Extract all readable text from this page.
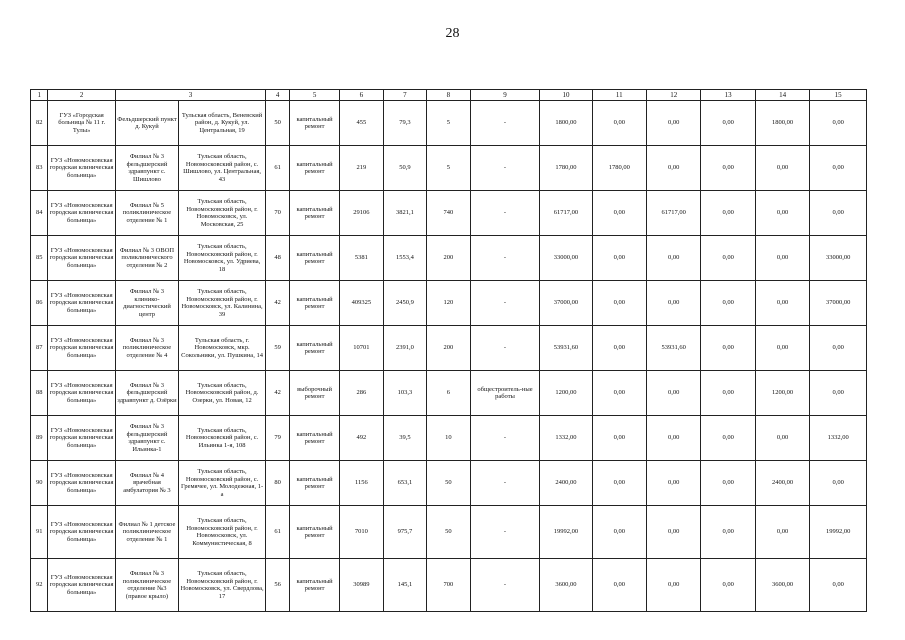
28
1	2	3		4	5	6	7	8	9	10	11	12	13	14	15
82	ГУЗ «Городская больница № 11 г. Тулы»	Фельдшерский пункт д. Кукуй	Тульская область, Веневский район, д. Кукуй, ул. Центральная, 19	50	капитальный ремонт	455	79,3	5	-	1800,00	0,00	0,00	0,00	1800,00	0,00
83	ГУЗ «Новомосковская городская клиническая больница»	Филиал № 3 фельдшерский здравпункт с. Шишлово	Тульская область, Новомосковский район, с. Шишлово, ул. Центральная, 43	61	капитальный ремонт	219	50,9	5	-	1780,00	1780,00	0,00	0,00	0,00	0,00
84	ГУЗ «Новомосковская городская клиническая больница»	Филиал № 5 поликлиническое отделение № 1	Тульская область, Новомосковский район, г. Новомосковск, ул. Московская, 25	70	капитальный ремонт	29106	3821,1	740	-	61717,00	0,00	61717,00	0,00	0,00	0,00
85	ГУЗ «Новомосковская городская клиническая больница»	Филиал № 3 ОВОП поликлинического отделения № 2	Тульская область, Новомосковский район, г. Новомосковск, ул. Удриева, 18	48	капитальный ремонт	5381	1553,4	200	-	33000,00	0,00	0,00	0,00	0,00	33000,00
86	ГУЗ «Новомосковская городская клиническая больница»	Филиал № 3 клинико-диагностический центр	Тульская область, Новомосковский район, г. Новомосковск, ул. Калинина, 39	42	капитальный ремонт	409325	2450,9	120	-	37000,00	0,00	0,00	0,00	0,00	37000,00
87	ГУЗ «Новомосковская городская клиническая больница»	Филиал № 3 поликлиническое отделение № 4	Тульская область, г. Новомосковск, мкр. Сокольники, ул. Пушкина, 14	59	капитальный ремонт	10701	2391,0	200	-	53931,60	0,00	53931,60	0,00	0,00	0,00
88	ГУЗ «Новомосковская городская клиническая больница»	Филиал № 3 фельдшерский здравпункт д. Озёрки	Тульская область, Новомосковский район, д. Озерки, ул. Новая, 12	42	выборочный ремонт	286	103,3	6	общестроитель-ные работы	1200,00	0,00	0,00	0,00	1200,00	0,00
89	ГУЗ «Новомосковская городская клиническая больница»	Филиал № 3 фельдшерский здравпункт с. Ильинка-1	Тульская область, Новомосковский район, с. Ильинка 1-я, 108	79	капитальный ремонт	492	39,5	10	-	1332,00	0,00	0,00	0,00	0,00	1332,00
90	ГУЗ «Новомосковская городская клиническая больница»	Филиал № 4 врачебная амбулатория № 3	Тульская область, Новомосковский район, с. Гремячее, ул. Молодежная, 1-а	80	капитальный ремонт	1156	653,1	50	-	2400,00	0,00	0,00	0,00	2400,00	0,00
91	ГУЗ «Новомосковская городская клиническая больница»	Филиал № 1 детское поликлиническое отделение № 1	Тульская область, Новомосковский район, г. Новомосковск, ул. Коммунистическая, 8	61	капитальный ремонт	7010	975,7	50	-	19992,00	0,00	0,00	0,00	0,00	19992,00
92	ГУЗ «Новомосковская городская клиническая больница»	Филиал № 3 поликлиническое отделение №3 (правое крыло)	Тульская область, Новомосковский район, г. Новомосковск, ул. Свердлова, 17	56	капитальный ремонт	30989	145,1	700	-	3600,00	0,00	0,00	0,00	3600,00	0,00
